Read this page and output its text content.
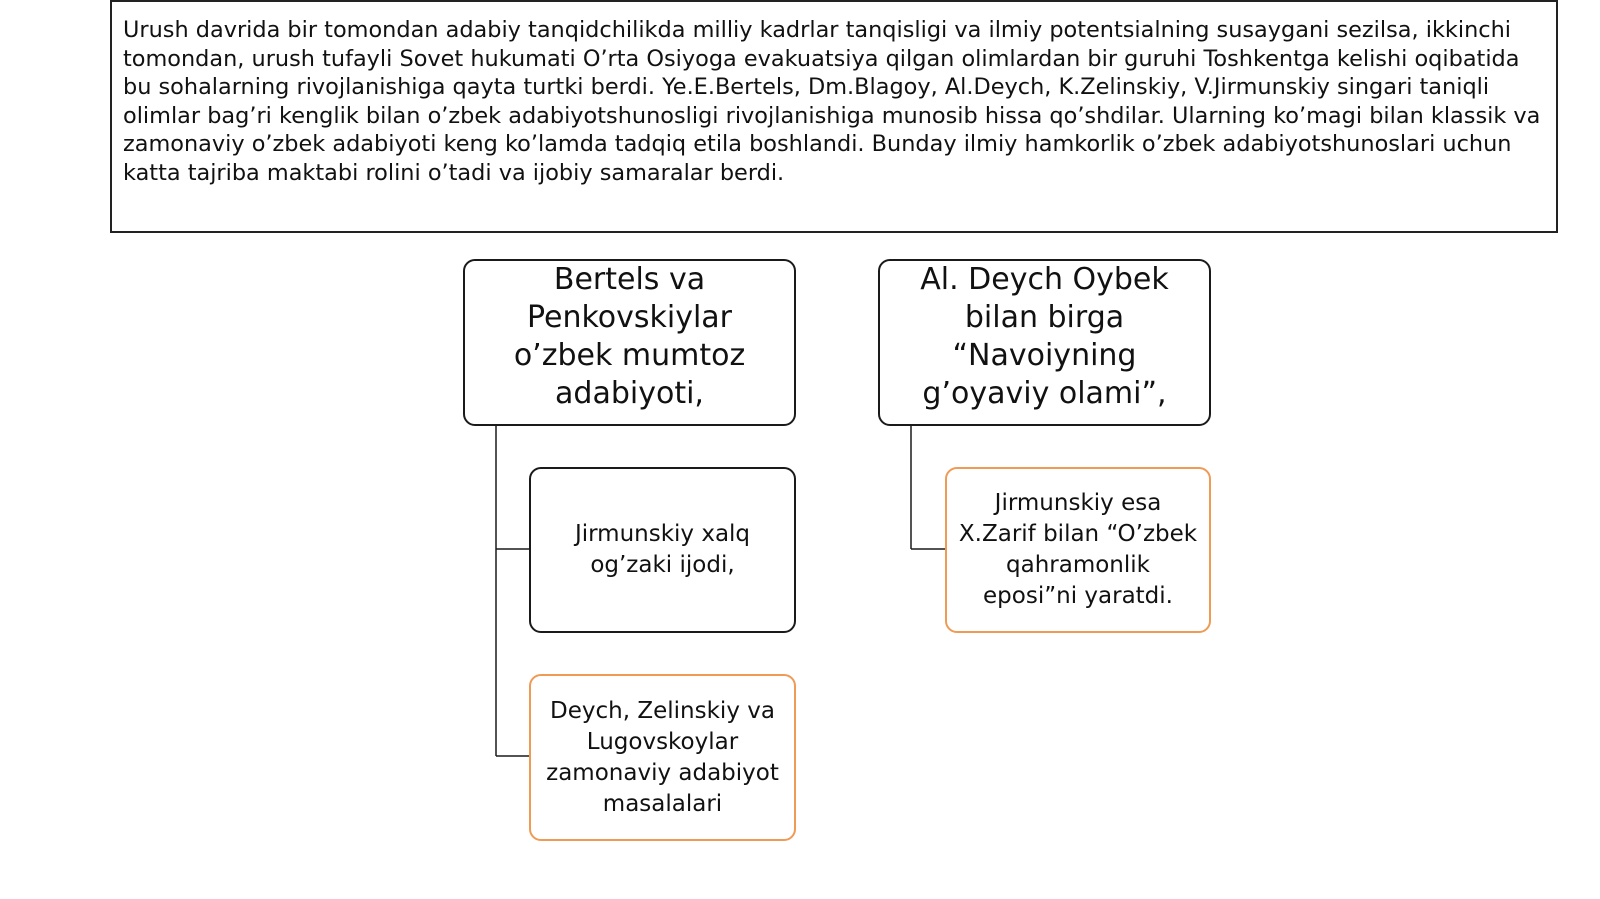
Urush davrida bir tomondan adabiy tanqidchilikda milliy kadrlar tanqisligi va ilmiy potentsialning susaygani sezilsa, ikkinchi tomondan, urush tufayli Sovet hukumati O’rta Osiyoga evakuatsiya qilgan olimlardan bir guruhi Toshkentga kelishi oqibatida bu sohalarning rivojlanishiga qayta turtki berdi. Ye.E.Bertels, Dm.Blagoy, Al.Deych, K.Zelinskiy, V.Jirmunskiy singari taniqli olimlar bag’ri kenglik bilan o’zbek adabiyotshunosligi rivojlanishiga munosib hissa qo’shdilar. Ularning ko’magi bilan klassik va zamonaviy o’zbek adabiyoti keng ko’lamda tadqiq etila boshlandi. Bunday ilmiy hamkorlik o’zbek adabiyotshunoslari uchun katta tajriba maktabi rolini o’tadi va ijobiy samaralar berdi.
Bertels va Penkovskiylar o’zbek mumtoz adabiyoti,
Jirmunskiy xalq og’zaki ijodi,
Deych, Zelinskiy va Lugovskoylar zamonaviy adabiyot masalalari
Al. Deych Oybek bilan birga “Navoiyning g’oyaviy olami”,
Jirmunskiy esa X.Zarif bilan “O’zbek qahramonlik eposi”ni yaratdi.
